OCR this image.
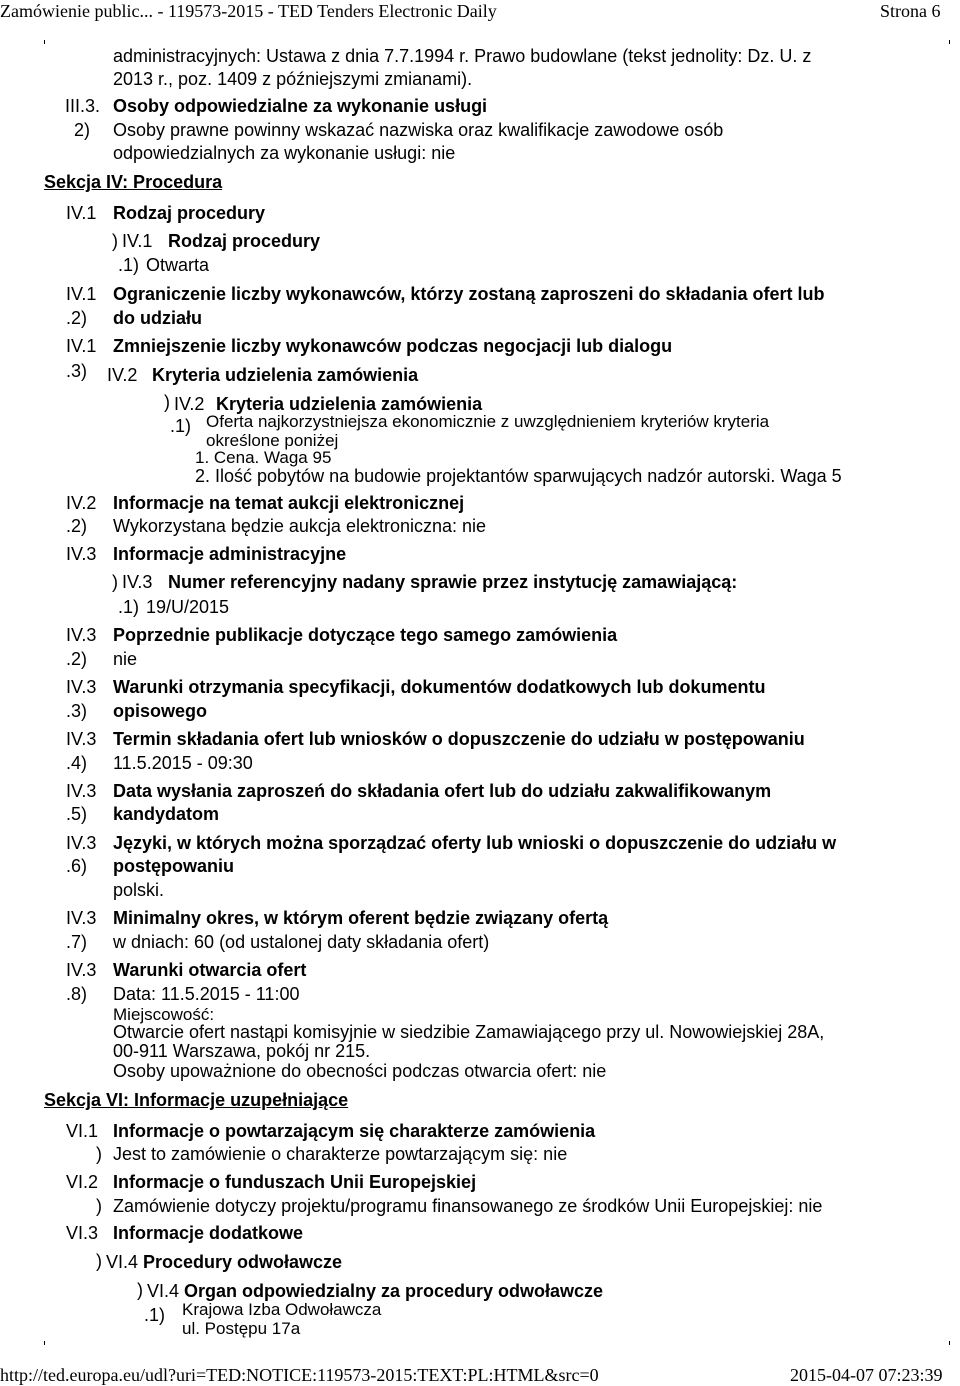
Zamówienie public... - 119573-2015 - TED Tenders Electronic Daily	Strona 6
administracyjnych: Ustawa z dnia 7.7.1994 r. Prawo budowlane (tekst jednolity: Dz. U. z
2013 r., poz. 1409 z późniejszymi zmianami).
III.3. Osoby odpowiedzialne za wykonanie usługi
2) Osoby prawne powinny wskazać nazwiska oraz kwalifikacje zawodowe osób
odpowiedzialnych za wykonanie usługi: nie
Sekcja IV: Procedura
IV.1 Rodzaj procedury
) IV.1 Rodzaj procedury
.1) Otwarta
IV.1
.2)
Ograniczenie liczby wykonawców, którzy zostaną zaproszeni do składania ofert lub
do udziału
IV.1 Zmniejszenie liczby wykonawców podczas negocjacji lub dialogu
.3) IV.2 Kryteria udzielenia zamówienia
) IV.2 Kryteria udzielenia zamówienia
.1) Oferta najkorzystniejsza ekonomicznie z uwzględnieniem kryteriów kryteria
określone poniżej
1. Cena. Waga 95
2. Ilość pobytów na budowie projektantów sparwujących nadzór autorski. Waga 5
IV.2 Informacje na temat aukcji elektronicznej
.2) Wykorzystana będzie aukcja elektroniczna: nie
IV.3 Informacje administracyjne
) IV.3 Numer referencyjny nadany sprawie przez instytucję zamawiającą:
.1) 19/U/2015
IV.3 Poprzednie publikacje dotyczące tego samego zamówienia
.2) nie
IV.3
.3)
Warunki otrzymania specyfikacji, dokumentów dodatkowych lub dokumentu
opisowego
IV.3 Termin składania ofert lub wniosków o dopuszczenie do udziału w postępowaniu
.4) 11.5.2015 - 09:30
IV.3
.5)
Data wysłania zaproszeń do składania ofert lub do udziału zakwalifikowanym
kandydatom
IV.3
.6)
Języki, w których można sporządzać oferty lub wnioski o dopuszczenie do udziału w
postępowaniu
polski.
IV.3 Minimalny okres, w którym oferent będzie związany ofertą
.7) w dniach: 60 (od ustalonej daty składania ofert)
IV.3 Warunki otwarcia ofert
.8) Data: 11.5.2015 - 11:00
Miejscowość:
Otwarcie ofert nastąpi komisyjnie w siedzibie Zamawiającego przy ul. Nowowiejskiej 28A,
00-911 Warszawa, pokój nr 215.
Osoby upoważnione do obecności podczas otwarcia ofert: nie
Sekcja VI: Informacje uzupełniające
VI.1 Informacje o powtarzającym się charakterze zamówienia
) Jest to zamówienie o charakterze powtarzającym się: nie
VI.2 Informacje o funduszach Unii Europejskiej
) Zamówienie dotyczy projektu/programu finansowanego ze środków Unii Europejskiej: nie
VI.3 Informacje dodatkowe
) VI.4 Procedury odwoławcze
) VI.4 Organ odpowiedzialny za procedury odwoławcze
.1) Krajowa Izba Odwoławcza
ul. Postępu 17a
http://ted.europa.eu/udl?uri=TED:NOTICE:119573-2015:TEXT:PL:HTML&src=0	2015-04-07 07:23:39
